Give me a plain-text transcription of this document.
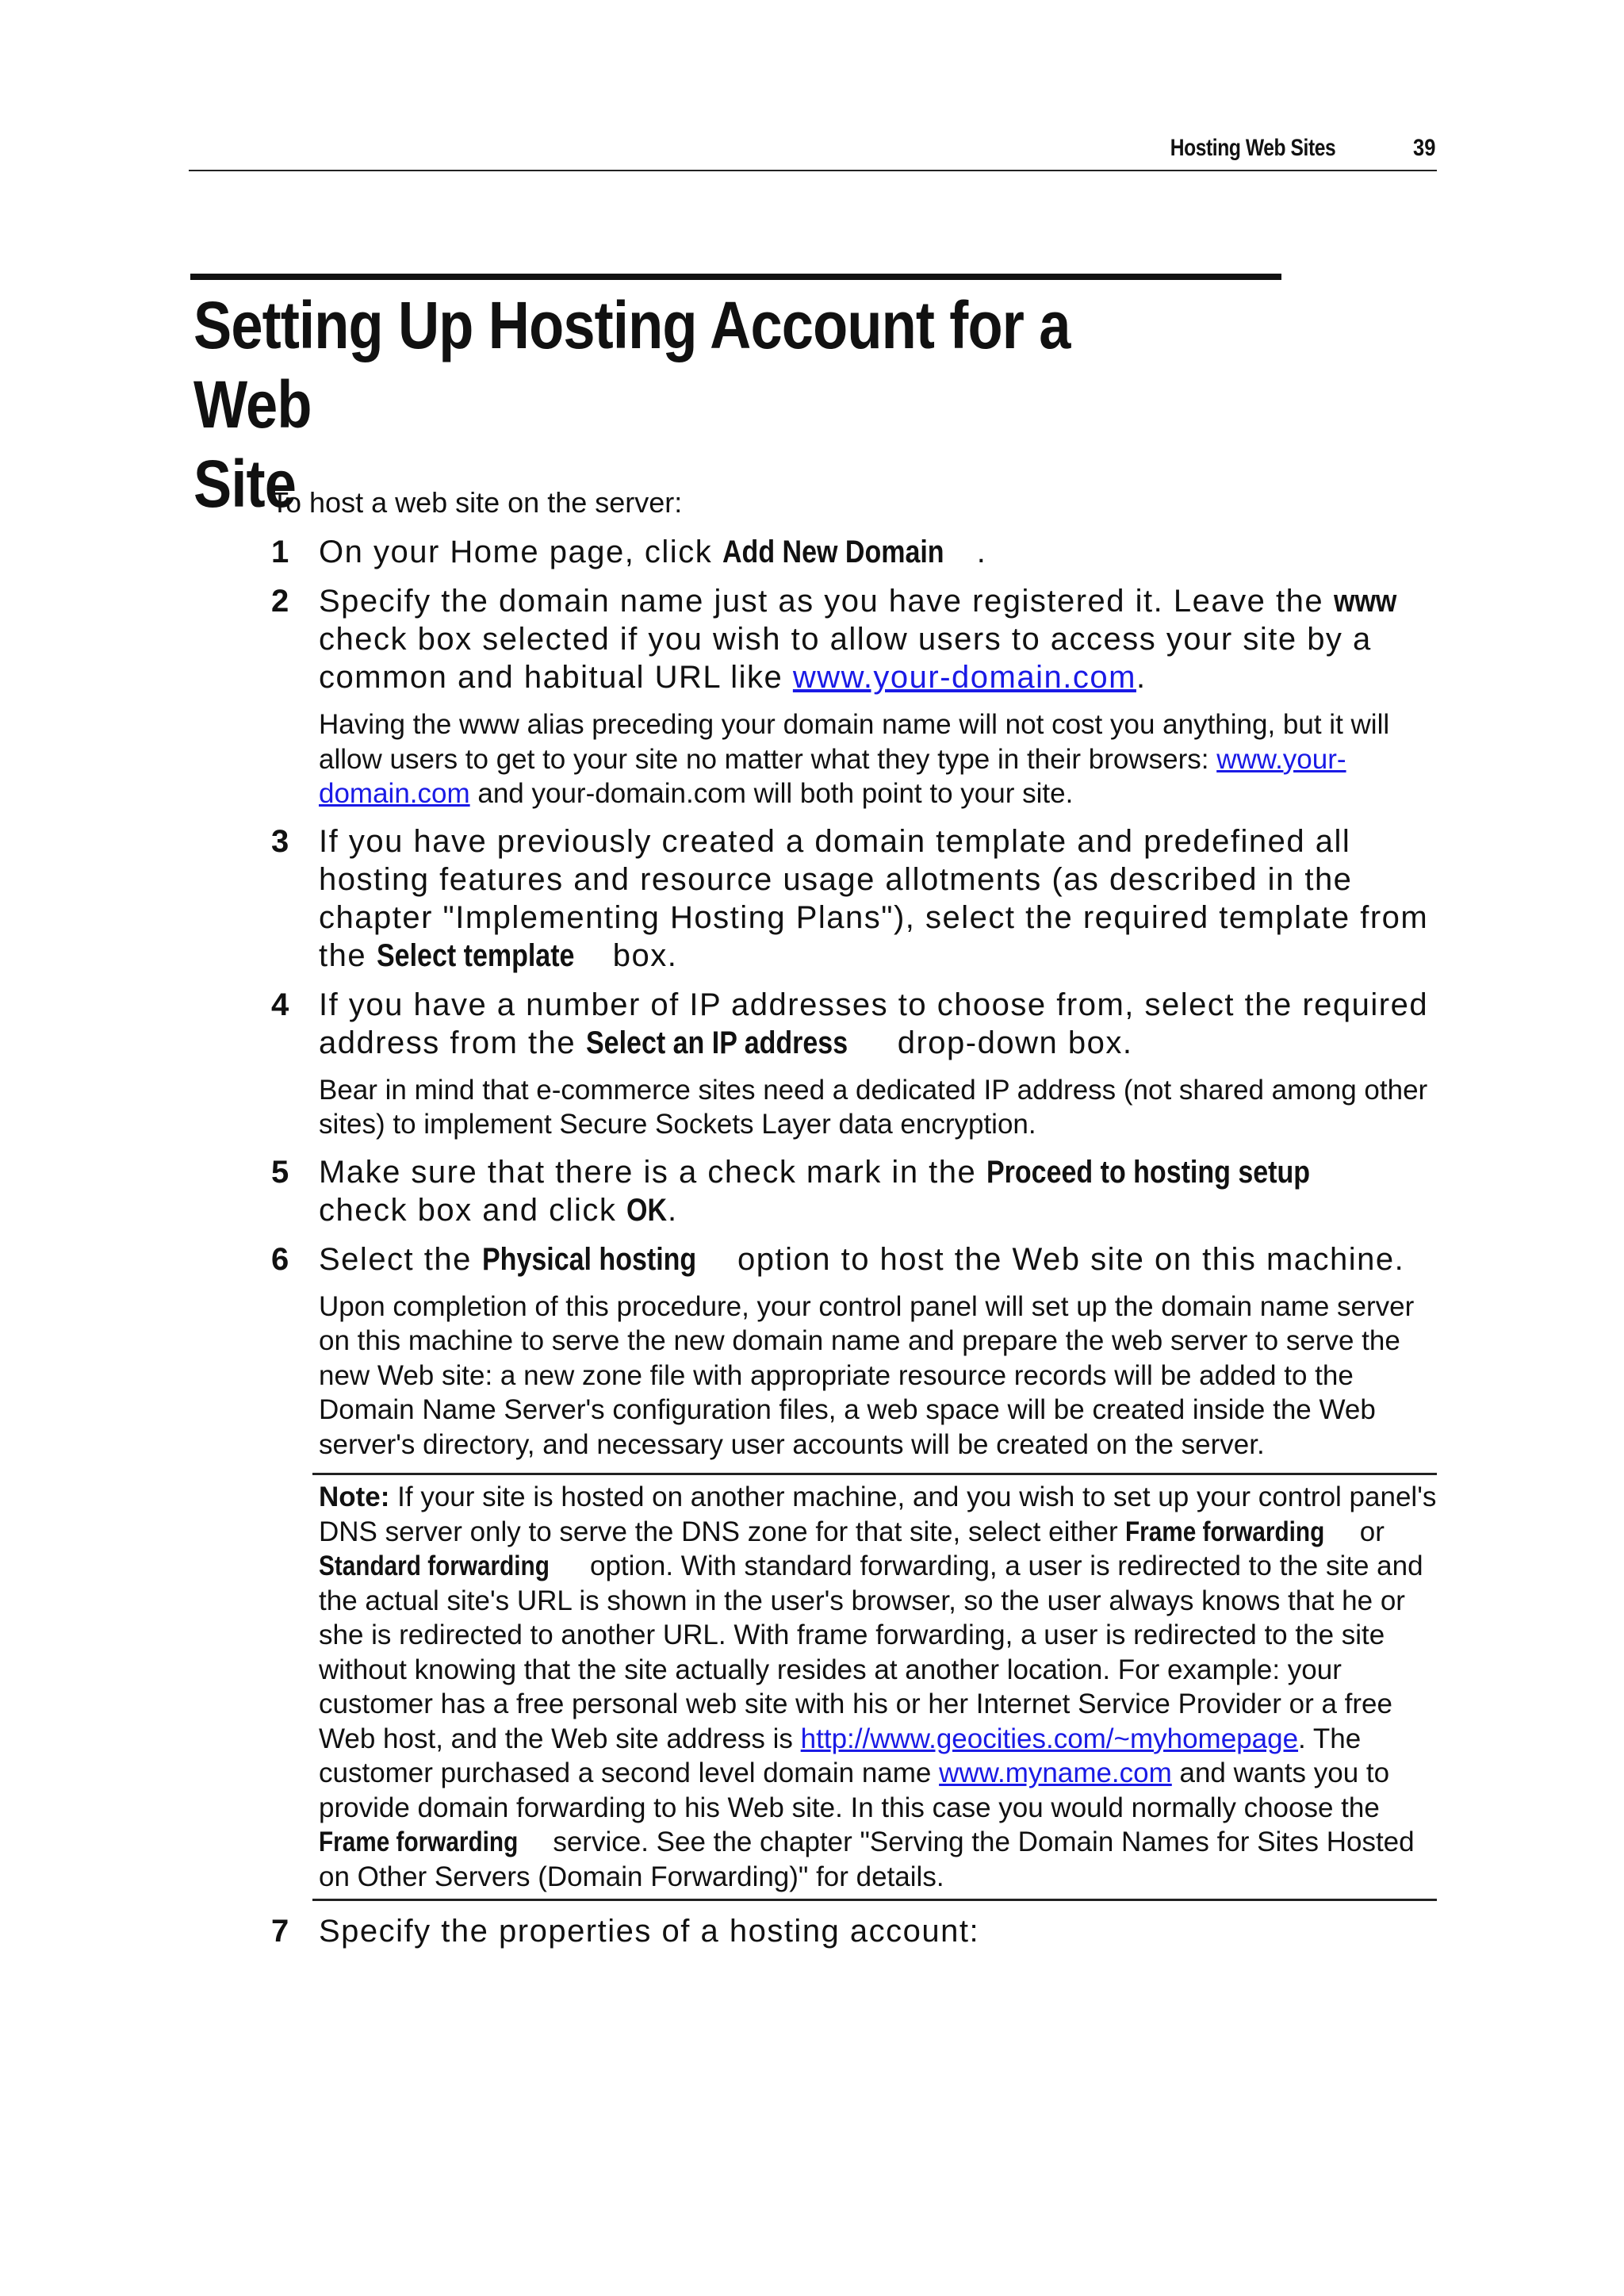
Hosting Web Sites	39
Setting Up Hosting Account for a Web
Site

To host a web site on the server:

1 On your Home page, click Add New Domain .
2 Specify the domain name just as you have registered it. Leave the www check box selected if you wish to allow users to access your site by a common and habitual URL like www.your-domain.com.

Having the www alias preceding your domain name will not cost you anything, but it will allow users to get to your site no matter what they type in their browsers: www.your-domain.com and your-domain.com will both point to your site.

3 If you have previously created a domain template and predefined all hosting features and resource usage allotments (as described in the chapter "Implementing Hosting Plans"), select the required template from the Select template box.
4 If you have a number of IP addresses to choose from, select the required address from the Select an IP address drop-down box.

Bear in mind that e-commerce sites need a dedicated IP address (not shared among other sites) to implement Secure Sockets Layer data encryption.

5 Make sure that there is a check mark in the Proceed to hosting setup check box and click OK.
6 Select the Physical hosting option to host the Web site on this machine.

Upon completion of this procedure, your control panel will set up the domain name server on this machine to serve the new domain name and prepare the web server to serve the new Web site: a new zone file with appropriate resource records will be added to the Domain Name Server's configuration files, a web space will be created inside the Web server's directory, and necessary user accounts will be created on the server.

Note: If your site is hosted on another machine, and you wish to set up your control panel's DNS server only to serve the DNS zone for that site, select either Frame forwarding or Standard forwarding option. With standard forwarding, a user is redirected to the site and the actual site's URL is shown in the user's browser, so the user always knows that he or she is redirected to another URL. With frame forwarding, a user is redirected to the site without knowing that the site actually resides at another location. For example: your customer has a free personal web site with his or her Internet Service Provider or a free Web host, and the Web site address is http://www.geocities.com/~myhomepage. The customer purchased a second level domain name www.myname.com and wants you to provide domain forwarding to his Web site. In this case you would normally choose the Frame forwarding service. See the chapter "Serving the Domain Names for Sites Hosted on Other Servers (Domain Forwarding)" for details.
7 Specify the properties of a hosting account:
